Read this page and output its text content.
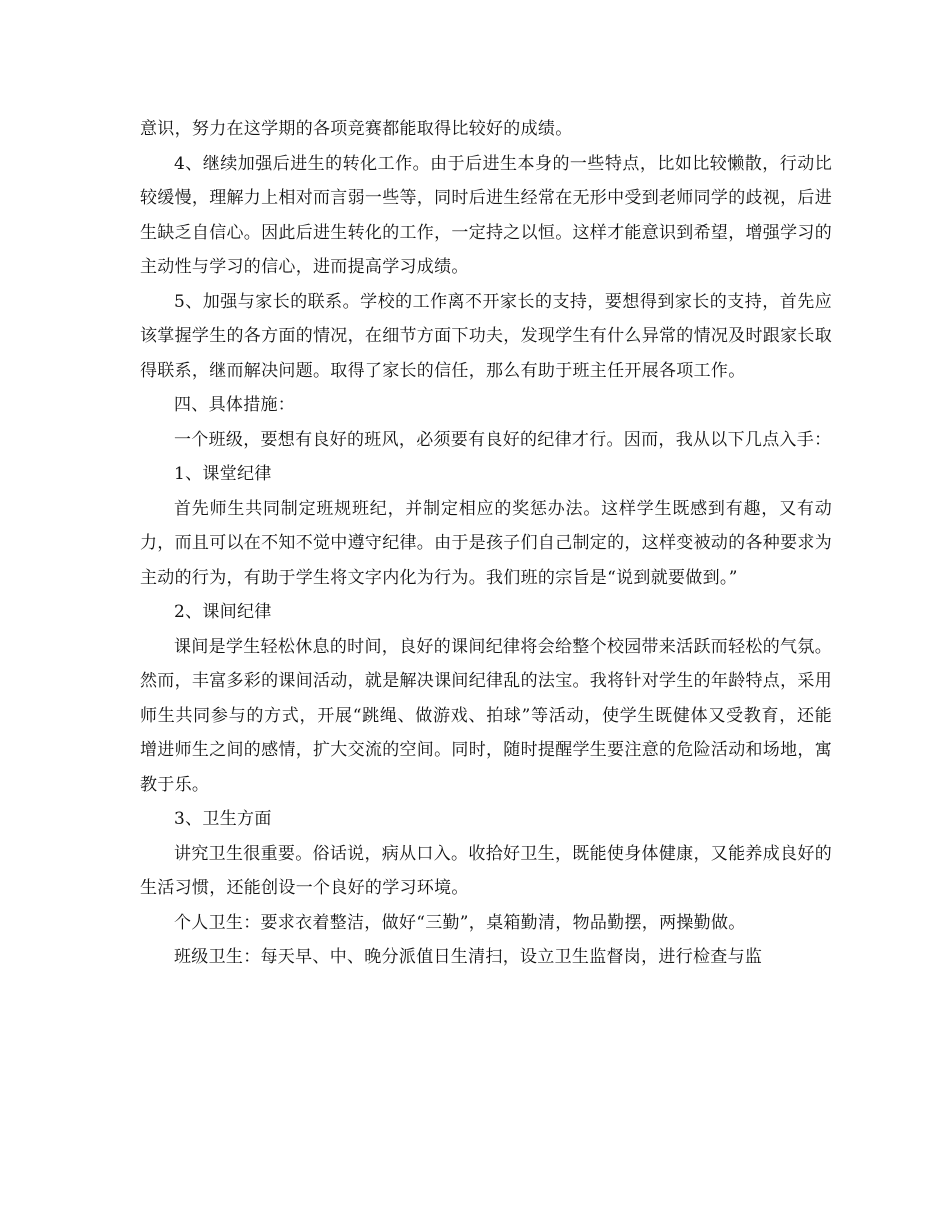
意识，努力在这学期的各项竞赛都能取得比较好的成绩。

4、继续加强后进生的转化工作。由于后进生本身的一些特点，比如比较懒散，行动比较缓慢，理解力上相对而言弱一些等，同时后进生经常在无形中受到老师同学的歧视，后进生缺乏自信心。因此后进生转化的工作，一定持之以恒。这样才能意识到希望，增强学习的主动性与学习的信心，进而提高学习成绩。

5、加强与家长的联系。学校的工作离不开家长的支持，要想得到家长的支持，首先应该掌握学生的各方面的情况，在细节方面下功夫，发现学生有什么异常的情况及时跟家长取得联系，继而解决问题。取得了家长的信任，那么有助于班主任开展各项工作。

四、具体措施：

一个班级，要想有良好的班风，必须要有良好的纪律才行。因而，我从以下几点入手：

1、课堂纪律

首先师生共同制定班规班纪，并制定相应的奖惩办法。这样学生既感到有趣，又有动力，而且可以在不知不觉中遵守纪律。由于是孩子们自己制定的，这样变被动的各种要求为主动的行为，有助于学生将文字内化为行为。我们班的宗旨是“说到就要做到。”

2、课间纪律

课间是学生轻松休息的时间，良好的课间纪律将会给整个校园带来活跃而轻松的气氛。然而，丰富多彩的课间活动，就是解决课间纪律乱的法宝。我将针对学生的年龄特点，采用师生共同参与的方式，开展“跳绳、做游戏、拍球”等活动，使学生既健体又受教育，还能增进师生之间的感情，扩大交流的空间。同时，随时提醒学生要注意的危险活动和场地，寓教于乐。

3、卫生方面

讲究卫生很重要。俗话说，病从口入。收拾好卫生，既能使身体健康，又能养成良好的生活习惯，还能创设一个良好的学习环境。

个人卫生：要求衣着整洁，做好“三勤”，桌箱勤清，物品勤摆，两操勤做。

班级卫生：每天早、中、晚分派值日生清扫，设立卫生监督岗，进行检查与监
